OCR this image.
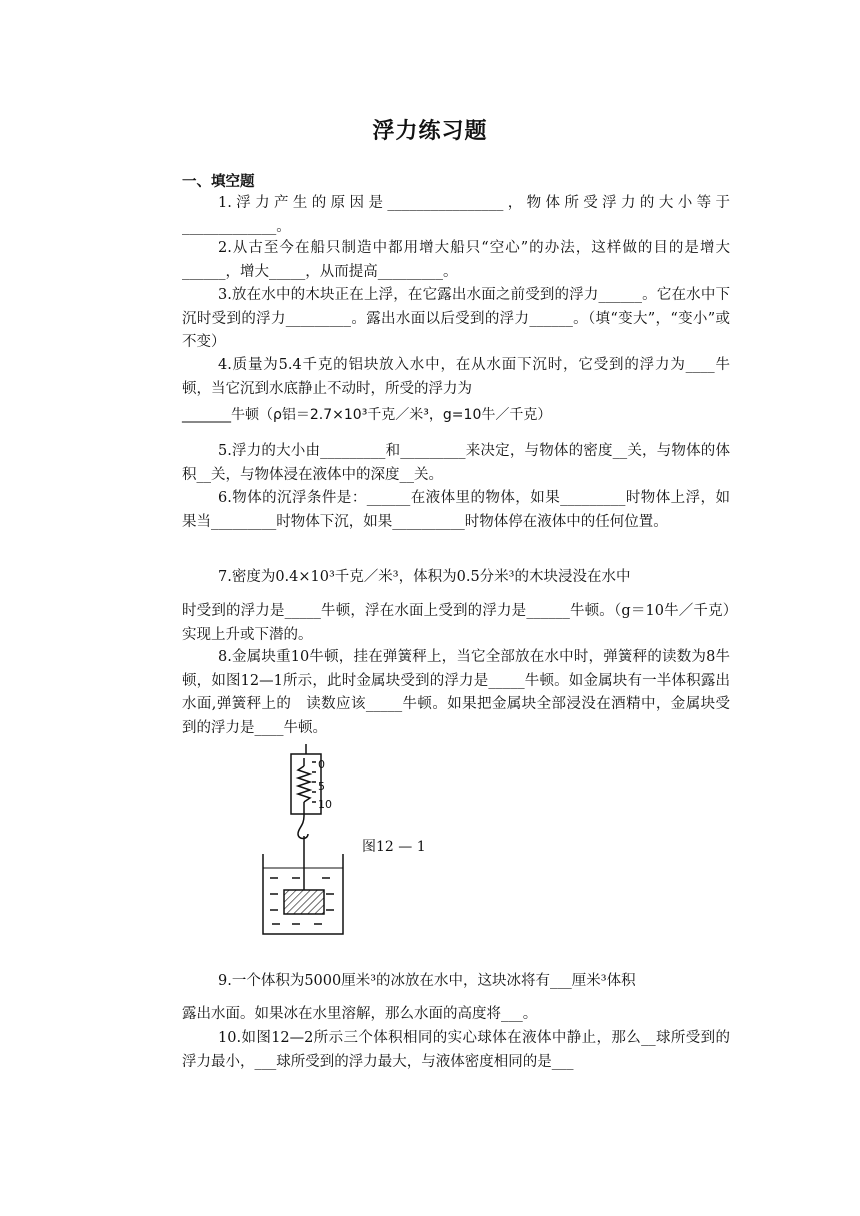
浮力练习题
一、填空题
1.浮力产生的原因是________________，物体所受浮力的大小等于_____________。
2.从古至今在船只制造中都用增大船只“空心”的办法，这样做的目的是增大______，增大_____，从而提高_________。
3.放在水中的木块正在上浮，在它露出水面之前受到的浮力______。它在水中下沉时受到的浮力_________。露出水面以后受到的浮力______。（填“变大”，“变小”或不变）
4.质量为5.4千克的铝块放入水中，在从水面下沉时，它受到的浮力为____牛顿，当它沉到水底静止不动时，所受的浮力为
_______牛顿（ρ铝＝2.7×10³千克／米³，g=10牛／千克）
5.浮力的大小由_________和_________来决定，与物体的密度__关，与物体的体积__关，与物体浸在液体中的深度__关。
6.物体的沉浮条件是：______在液体里的物体，如果_________时物体上浮，如果当_________时物体下沉，如果__________时物体停在液体中的任何位置。
7.密度为0.4×10³千克／米³，体积为0.5分米³的木块浸没在水中
时受到的浮力是_____牛顿，浮在水面上受到的浮力是______牛顿。（g＝10牛／千克）实现上升或下潜的。
8.金属块重10牛顿，挂在弹簧秤上，当它全部放在水中时，弹簧秤的读数为8牛顿，如图12—1所示，此时金属块受到的浮力是_____牛顿。如金属块有一半体积露出水面,弹簧秤上的　读数应该_____牛顿。如果把金属块全部浸没在酒精中，金属块受到的浮力是____牛顿。
0
5
10
图12 — 1
9.一个体积为5000厘米³的冰放在水中，这块冰将有___厘米³体积
露出水面。如果冰在水里溶解，那么水面的高度将___。
10.如图12—2所示三个体积相同的实心球体在液体中静止，那么__球所受到的浮力最小，___球所受到的浮力最大，与液体密度相同的是___
